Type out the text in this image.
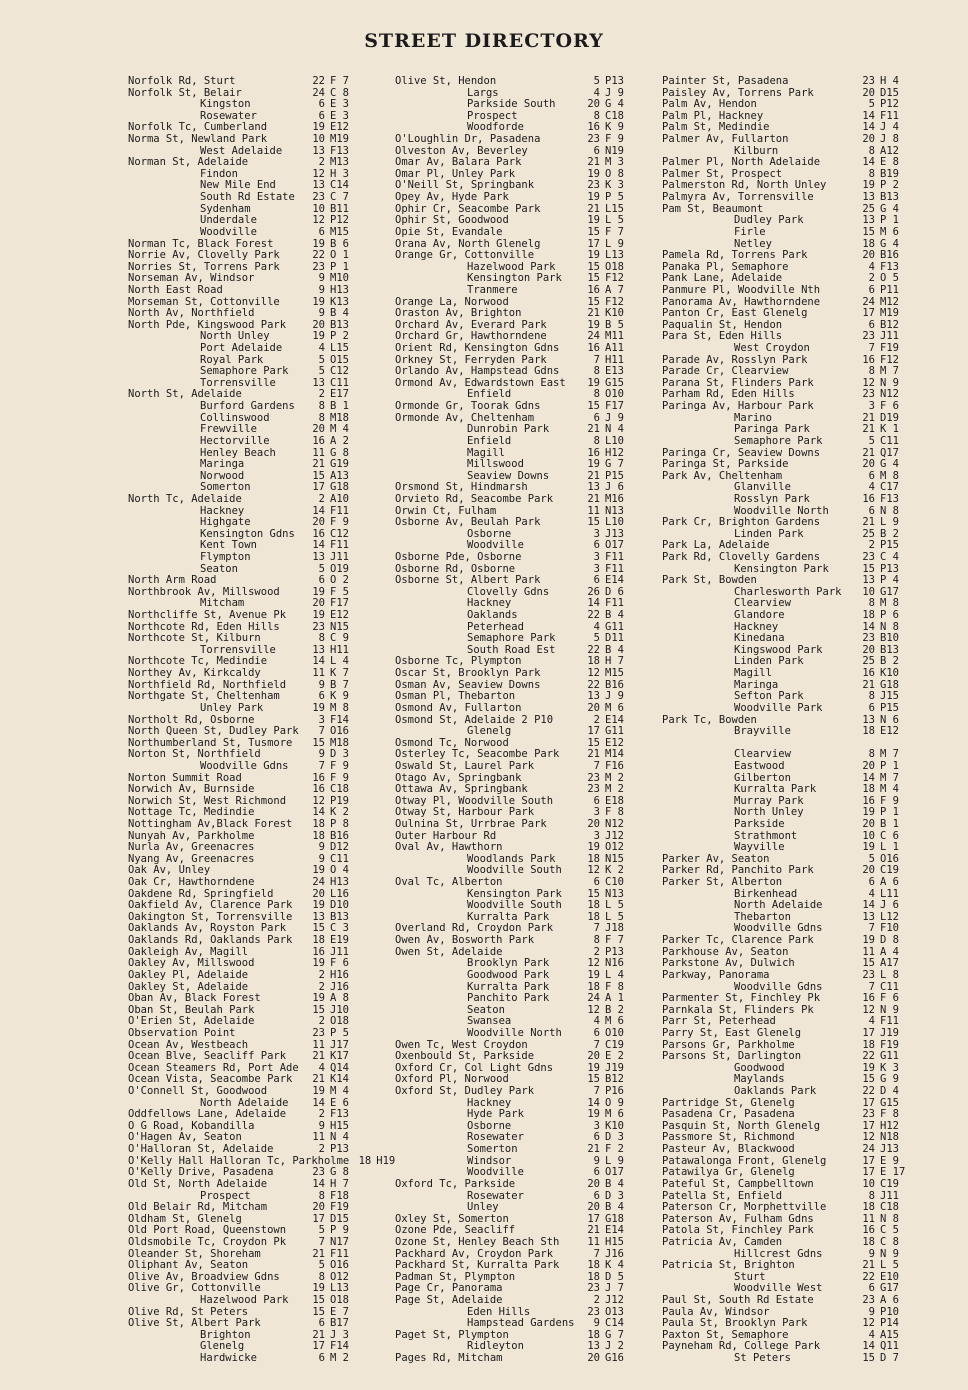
STREET DIRECTORY
Norfolk Rd, Sturt	22 F 7
Norfolk St, Belair	24 C 8
Kingston	6 E 3
Rosewater	6 E 3
Norfolk Tc, Cumberland	19 E12
Norma St, Newland Park	10 M19
West Adelaide	13 F13
Norman St, Adelaide	2 M13
Findon	12 H 3
New Mile End	13 C14
South Rd Estate	23 C 7
Sydenham	10 B11
Underdale	12 P12
Woodville	6 M15
Norman Tc, Black Forest	19 B 6
Norrie Av, Clovelly Park	22 O 1
Norries St, Torrens Park	23 P 1
Norseman Av, Windsor	9 M10
North East Road	9 H13
Morseman St, Cottonville	19 K13
North Av, Northfield	9 B 4
North Pde, Kingswood Park	20 B13
North Unley	19 P 2
Port Adelaide	4 L15
Royal Park	5 O15
Semaphore Park	5 C12
Torrensville	13 C11
North St, Adelaide	2 E17
Burford Gardens	8 B 1
Collinswood	8 M18
Frewville	20 M 4
Hectorville	16 A 2
Henley Beach	11 G 8
Maringa	21 G19
Norwood	15 A13
Somerton	17 G18
North Tc, Adelaide	2 A10
Hackney	14 F11
Highgate	20 F 9
Kensington Gdns	16 C12
Kent Town	14 F11
Flympton	13 J11
Seaton	5 O19
North Arm Road	6 O 2
Northbrook Av, Millswood	19 F 5
Mitcham	20 F17
Northcliffe St, Avenue Pk	19 E12
Northcote Rd, Eden Hills	23 N15
Northcote St, Kilburn	8 C 9
Torrensville	13 H11
Northcote Tc, Medindie	14 L 4
Northey Av, Kirkcaldy	11 K 7
Northfield Rd, Northfield	9 B 7
Northgate St, Cheltenham	6 K 9
Unley Park	19 M 8
Northolt Rd, Osborne	3 F14
North Queen St, Dudley Park	7 O16
Northumberland St, Tusmore	15 M18
Norton St, Northfield	9 D 3
Woodville Gdns	7 F 9
Norton Summit Road	16 F 9
Norwich Av, Burnside	16 C18
Norwich St, West Richmond	12 P19
Nottage Tc, Medindie	14 K 2
Nottingham Av,Black Forest	18 P 8
Nunyah Av, Parkholme	18 B16
Nurla Av, Greenacres	9 D12
Nyang Av, Greenacres	9 C11
Oak Av, Unley	19 O 4
Oak Cr, Hawthorndene	24 H13
Oakdene Rd, Springfield	20 L16
Oakfield Av, Clarence Park	19 D10
Oakington St, Torrensville	13 B13
Oaklands Av, Royston Park	15 C 3
Oaklands Rd, Oaklands Park	18 E19
Oakleigh Av, Magill	16 J11
Oakley Av, Millswood	19 F 6
Oakley Pl, Adelaide	2 H16
Oakley St, Adelaide	2 J16
Oban Av, Black Forest	19 A 8
Oban St, Beulah Park	15 J10
O'Erien St, Adelaide	2 O18
Observation Point	23 P 5
Ocean Av, Westbeach	11 J17
Ocean Blve, Seacliff Park	21 K17
Ocean Steamers Rd, Port Ade	4 Q14
Ocean Vista, Seacombe Park	21 K14
O'Connell St, Goodwood	19 M 4
North Adelaide	14 E 6
Oddfellows Lane, Adelaide	2 F13
O G Road, Kobandilla	9 H15
O'Hagen Av, Seaton	11 N 4
O'Halloran St, Adelaide	2 P13
O'Kelly Hall Halloran Tc, Parkholme 18 H19
O'Kelly Drive, Pasadena	23 G 8
Old St, North Adelaide	14 H 7
Prospect	8 F18
Old Belair Rd, Mitcham	20 F19
Oldham St, Glenelg	17 D15
Old Port Road, Queenstown	5 P 9
Oldsmobile Tc, Croydon Pk	7 N17
Oleander St, Shoreham	21 F11
Oliphant Av, Seaton	5 O16
Olive Av, Broadview Gdns	8 O12
Olive Gr, Cottonville	19 L13
Hazelwood Park	15 O18
Olive Rd, St Peters	15 E 7
Olive St, Albert Park	6 B17
Brighton	21 J 3
Glenelg	17 F14
Hardwicke	6 M 2
Olive St, Hendon	5 P13
Largs	4 J 9
Parkside South	20 G 4
Prospect	8 C18
Woodforde	16 K 9
O'Loughlin Dr, Pasadena	23 F 9
Olveston Av, Beverley	6 N19
Omar Av, Balara Park	21 M 3
Omar Pl, Unley Park	19 O 8
O'Neill St, Springbank	23 K 3
Opey Av, Hyde Park	19 P 5
Ophir Cr, Seacombe Park	21 L15
Ophir St, Goodwood	19 L 5
Opie St, Evandale	15 F 7
Orana Av, North Glenelg	17 L 9
Orange Gr, Cottonville	19 L13
Hazelwood Park	15 O18
Kensington Park	15 F12
Tranmere	16 A 7
Orange La, Norwood	15 F12
Oraston Av, Brighton	21 K10
Orchard Av, Everard Park	19 B 5
Orchard Gr, Hawthorndene	24 M11
Orient Rd, Kensington Gdns	16 A11
Orkney St, Ferryden Park	7 H11
Orlando Av, Hampstead Gdns	8 E13
Ormond Av, Edwardstown East	19 G15
Enfield	8 O10
Ormonde Gr, Toorak Gdns	15 F17
Ormonde Av, Cheltenham	6 J 9
Dunrobin Park	21 N 4
Enfield	8 L10
Magill	16 H12
Millswood	19 G 7
Seaview Downs	21 P15
Orsmond St, Hindmarsh	13 J 6
Orvieto Rd, Seacombe Park	21 M16
Orwin Ct, Fulham	11 N13
Osborne Av, Beulah Park	15 L10
Osborne	3 J13
Woodville	6 O17
Osborne Pde, Osborne	3 F11
Osborne Rd, Osborne	3 F11
Osborne St, Albert Park	6 E14
Clovelly Gdns	26 D 6
Hackney	14 F11
Oaklands	22 B 4
Peterhead	4 G11
Semaphore Park	5 D11
South Road Est	22 B 4
Osborne Tc, Plympton	18 H 7
Oscar St, Brooklyn Park	12 M15
Osman Av, Seaview Downs	22 B16
Osman Pl, Thebarton	13 J 9
Osmond Av, Fullarton	20 M 6
Osmond St, Adelaide 2 P10	2 E14
Glenelg	17 G11
Osmond Tc, Norwood	15 E12
Osterley Tc, Seacombe Park	21 M14
Oswald St, Laurel Park	7 F16
Otago Av, Springbank	23 M 2
Ottawa Av, Springbank	23 M 2
Otway Pl, Woodville South	6 E18
Otway St, Harbour Park	3 F 8
Oulnina St, Urrbrae Park	20 N12
Outer Harbour Rd	3 J12
Oval Av, Hawthorn	19 O12
Woodlands Park	18 N15
Woodville South	12 K 2
Oval Tc, Alberton	6 C10
Kensington Park	15 N13
Woodville South	18 L 5
Kurralta Park	18 L 5
Overland Rd, Croydon Park	7 J18
Owen Av, Bosworth Park	8 F 7
Owen St, Adelaide	2 P13
Brooklyn Park	12 N16
Goodwood Park	19 L 4
Kurralta Park	18 F 8
Panchito Park	24 A 1
Seaton	12 B 2
Swansea	4 M 6
Woodville North	6 O10
Owen Tc, West Croydon	7 C19
Oxenbould St, Parkside	20 E 2
Oxford Cr, Col Light Gdns	19 J19
Oxford Pl, Norwood	15 B12
Oxford St, Dudley Park	7 P16
Hackney	14 O 9
Hyde Park	19 M 6
Osborne	3 K10
Rosewater	6 D 3
Somerton	21 F 2
Windsor	9 L 9
Woodville	6 O17
Oxford Tc, Parkside	20 B 4
Rosewater	6 D 3
Unley	20 B 4
Oxley St, Somerton	17 G18
Ozone Pde, Seacliff	21 E14
Ozone St, Henley Beach Sth	11 H15
Packhard Av, Croydon Park	7 J16
Packhard St, Kurralta Park	18 K 4
Padman St, Plympton	18 D 5
Page Cr, Panorama	23 J 7
Page St, Adelaide	2 J12
Eden Hills	23 O13
Hampstead Gardens	9 C14
Paget St, Plympton	18 G 7
Ridleyton	13 J 2
Pages Rd, Mitcham	20 G16
Painter St, Pasadena	23 H 4
Paisley Av, Torrens Park	20 D15
Palm Av, Hendon	5 P12
Palm Pl, Hackney	14 F11
Palm St, Medindie	14 J 4
Palmer Av, Fullarton	20 J 8
Kilburn	8 A12
Palmer Pl, North Adelaide	14 E 8
Palmer St, Prospect	8 B19
Palmerston Rd, North Unley	19 P 2
Palmyra Av, Torrensville	13 B13
Pam St, Beaumont	25 G 4
Dudley Park	13 P 1
Firle	15 M 6
Netley	18 G 4
Pamela Rd, Torrens Park	20 B16
Panaka Pl, Semaphore	4 F13
Pank Lane, Adelaide	2 O 5
Panmure Pl, Woodville Nth	6 P11
Panorama Av, Hawthorndene	24 M12
Panton Cr, East Glenelg	17 M19
Paqualin St, Hendon	6 B12
Para St, Eden Hills	23 J11
West Croydon	7 F19
Parade Av, Rosslyn Park	16 F12
Parade Cr, Clearview	8 M 7
Parana St, Flinders Park	12 N 9
Parham Rd, Eden Hills	23 N12
Paringa Av, Harbour Park	3 F 6
Marino	21 D19
Paringa Park	21 K 1
Semaphore Park	5 C11
Paringa Cr, Seaview Downs	21 Q17
Paringa St, Parkside	20 G 4
Park Av, Cheltenham	6 M 8
Glanville	4 C17
Rosslyn Park	16 F13
Woodville North	6 N 8
Park Cr, Brighton Gardens	21 L 9
Linden Park	25 B 2
Park La, Adelaide	2 P15
Park Rd, Clovelly Gardens	23 C 4
Kensington Park	15 P13
Park St, Bowden	13 P 4
Charlesworth Park	10 G17
Clearview	8 M 8
Glandore	18 P 6
Hackney	14 N 8
Kinedana	23 B10
Kingswood Park	20 B13
Linden Park	25 B 2
Magill	16 K10
Maringa	21 G18
Sefton Park	8 J15
Woodville Park	6 P15
Park Tc, Bowden	13 N 6
Brayville	18 E12
Clearview	8 M 7
Eastwood	20 P 1
Gilberton	14 M 7
Kurralta Park	18 M 4
Murray Park	16 F 9
North Unley	19 P 1
Parkside	20 B 1
Strathmont	10 C 6
Wayville	19 L 1
Parker Av, Seaton	5 O16
Parker Rd, Panchito Park	20 C19
Parker St, Alberton	6 A 6
Birkenhead	4 L11
North Adelaide	14 J 6
Thebarton	13 L12
Woodville Gdns	7 F10
Parker Tc, Clarence Park	19 D 8
Parkhouse Av, Seaton	11 A 4
Parkstone Av, Dulwich	15 A17
Parkway, Panorama	23 L 8
Woodville Gdns	7 C11
Parmenter St, Finchley Pk	16 F 6
Parnkala St, Flinders Pk	12 N 9
Parr St, Peterhead	4 F11
Parry St, East Glenelg	17 J19
Parsons Gr, Parkholme	18 F19
Parsons St, Darlington	22 G11
Goodwood	19 K 3
Maylands	15 G 9
Oaklands Park	22 D 4
Partridge St, Glenelg	17 G15
Pasadena Cr, Pasadena	23 F 8
Pasquin St, North Glenelg	17 H12
Passmore St, Richmond	12 N18
Pasteur Av, Blackwood	24 J13
Patawalonga Front, Glenelg	17 E 9
Patawilya Gr, Glenelg	17 E 17
Pateful St, Campbelltown	10 C19
Patella St, Enfield	8 J11
Paterson Cr, Morphettville	18 C18
Paterson Av, Fulham Gdns	11 N 8
Patola St, Finchley Park	16 C 5
Patricia Av, Camden	18 C 8
Hillcrest Gdns	9 N 9
Patricia St, Brighton	21 L 5
Sturt	22 E10
Woodville West	6 G17
Paul St, South Rd Estate	23 A 6
Paula Av, Windsor	9 P10
Paula St, Brooklyn Park	12 P14
Paxton St, Semaphore	4 A15
Payneham Rd, College Park	14 Q11
St Peters	15 D 7
